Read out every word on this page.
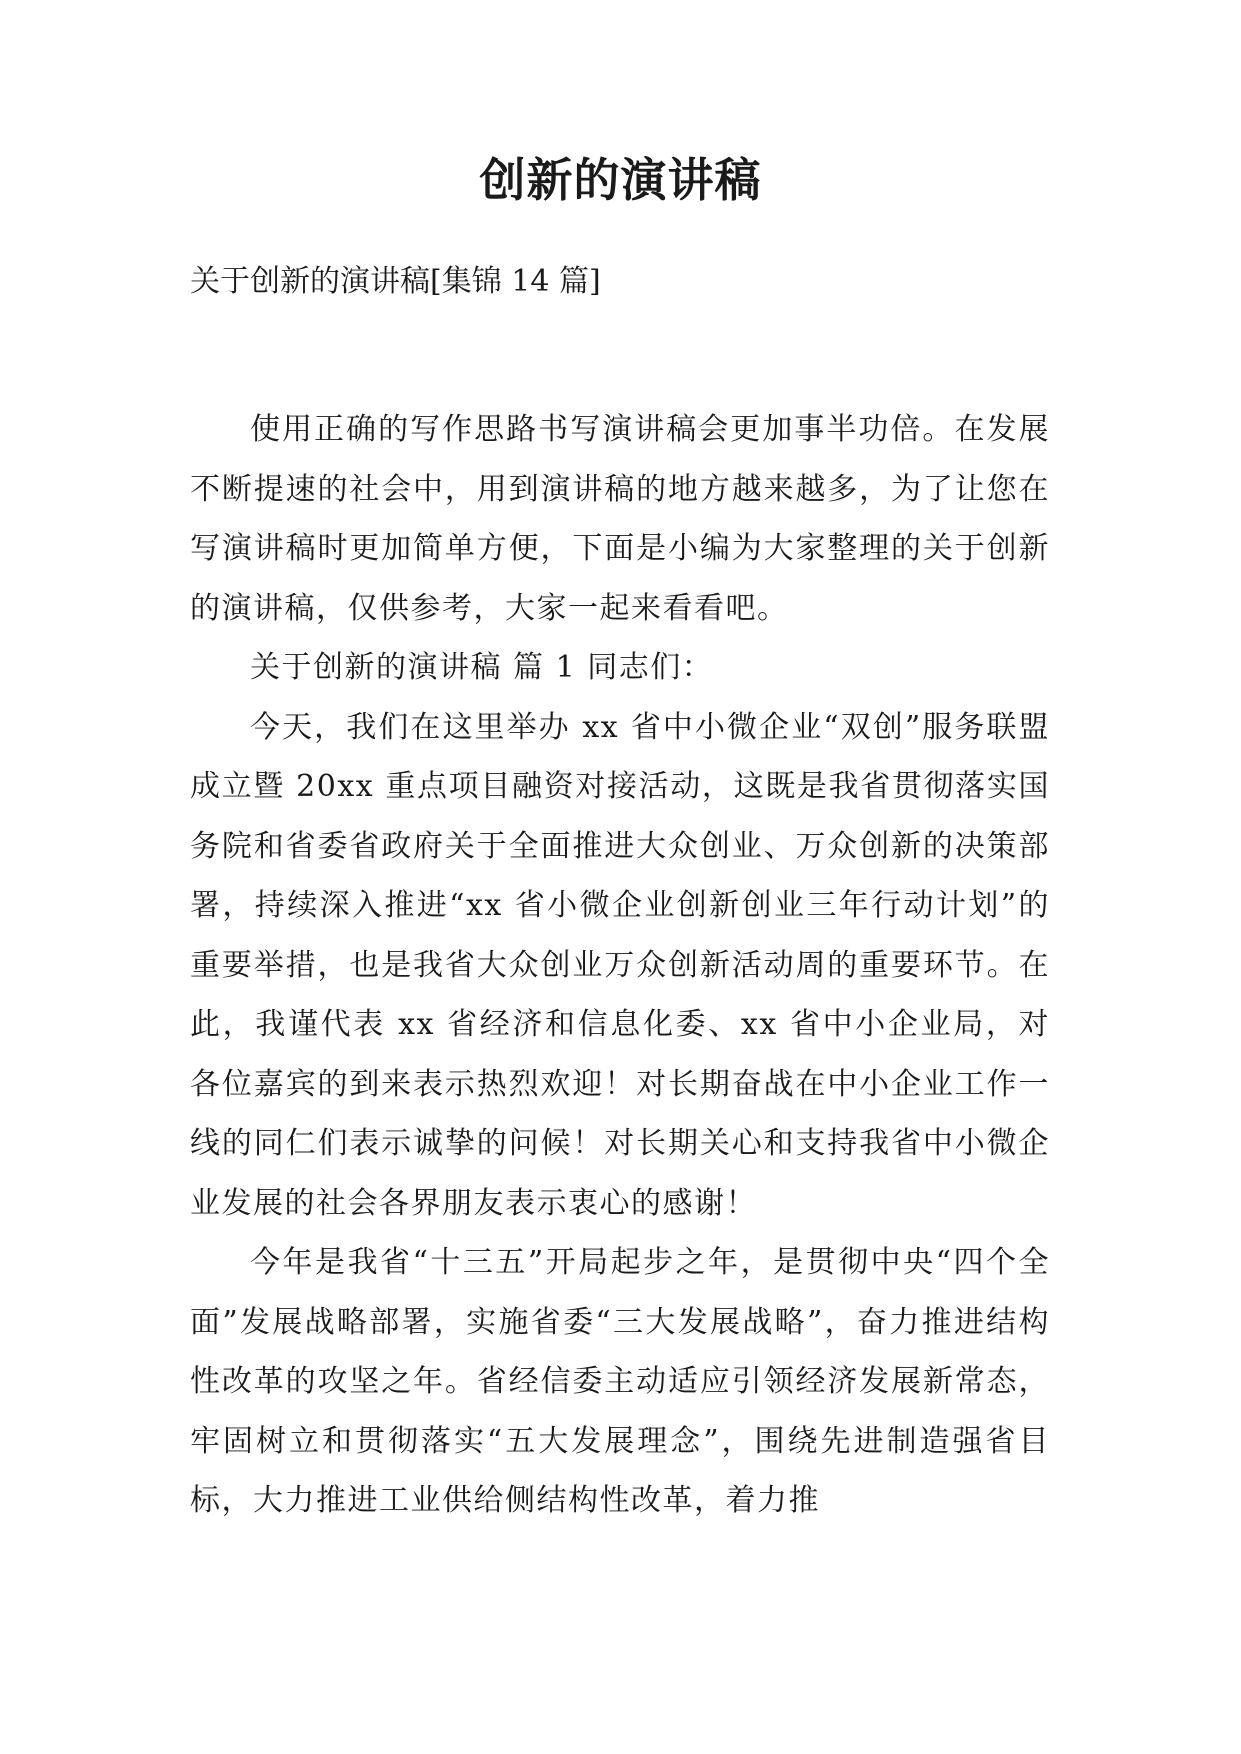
创新的演讲稿

关于创新的演讲稿[集锦 14 篇]

使用正确的写作思路书写演讲稿会更加事半功倍。在发展不断提速的社会中，用到演讲稿的地方越来越多，为了让您在写演讲稿时更加简单方便，下面是小编为大家整理的关于创新的演讲稿，仅供参考，大家一起来看看吧。

关于创新的演讲稿 篇 1 同志们：

今天，我们在这里举办 xx 省中小微企业“双创”服务联盟成立暨 20xx 重点项目融资对接活动，这既是我省贯彻落实国务院和省委省政府关于全面推进大众创业、万众创新的决策部署，持续深入推进“xx 省小微企业创新创业三年行动计划”的重要举措，也是我省大众创业万众创新活动周的重要环节。在此，我谨代表 xx 省经济和信息化委、xx 省中小企业局，对各位嘉宾的到来表示热烈欢迎！对长期奋战在中小企业工作一线的同仁们表示诚挚的问候！对长期关心和支持我省中小微企业发展的社会各界朋友表示衷心的感谢！

今年是我省“十三五”开局起步之年，是贯彻中央“四个全面”发展战略部署，实施省委“三大发展战略”，奋力推进结构性改革的攻坚之年。省经信委主动适应引领经济发展新常态，牢固树立和贯彻落实“五大发展理念”，围绕先进制造强省目标，大力推进工业供给侧结构性改革，着力推
